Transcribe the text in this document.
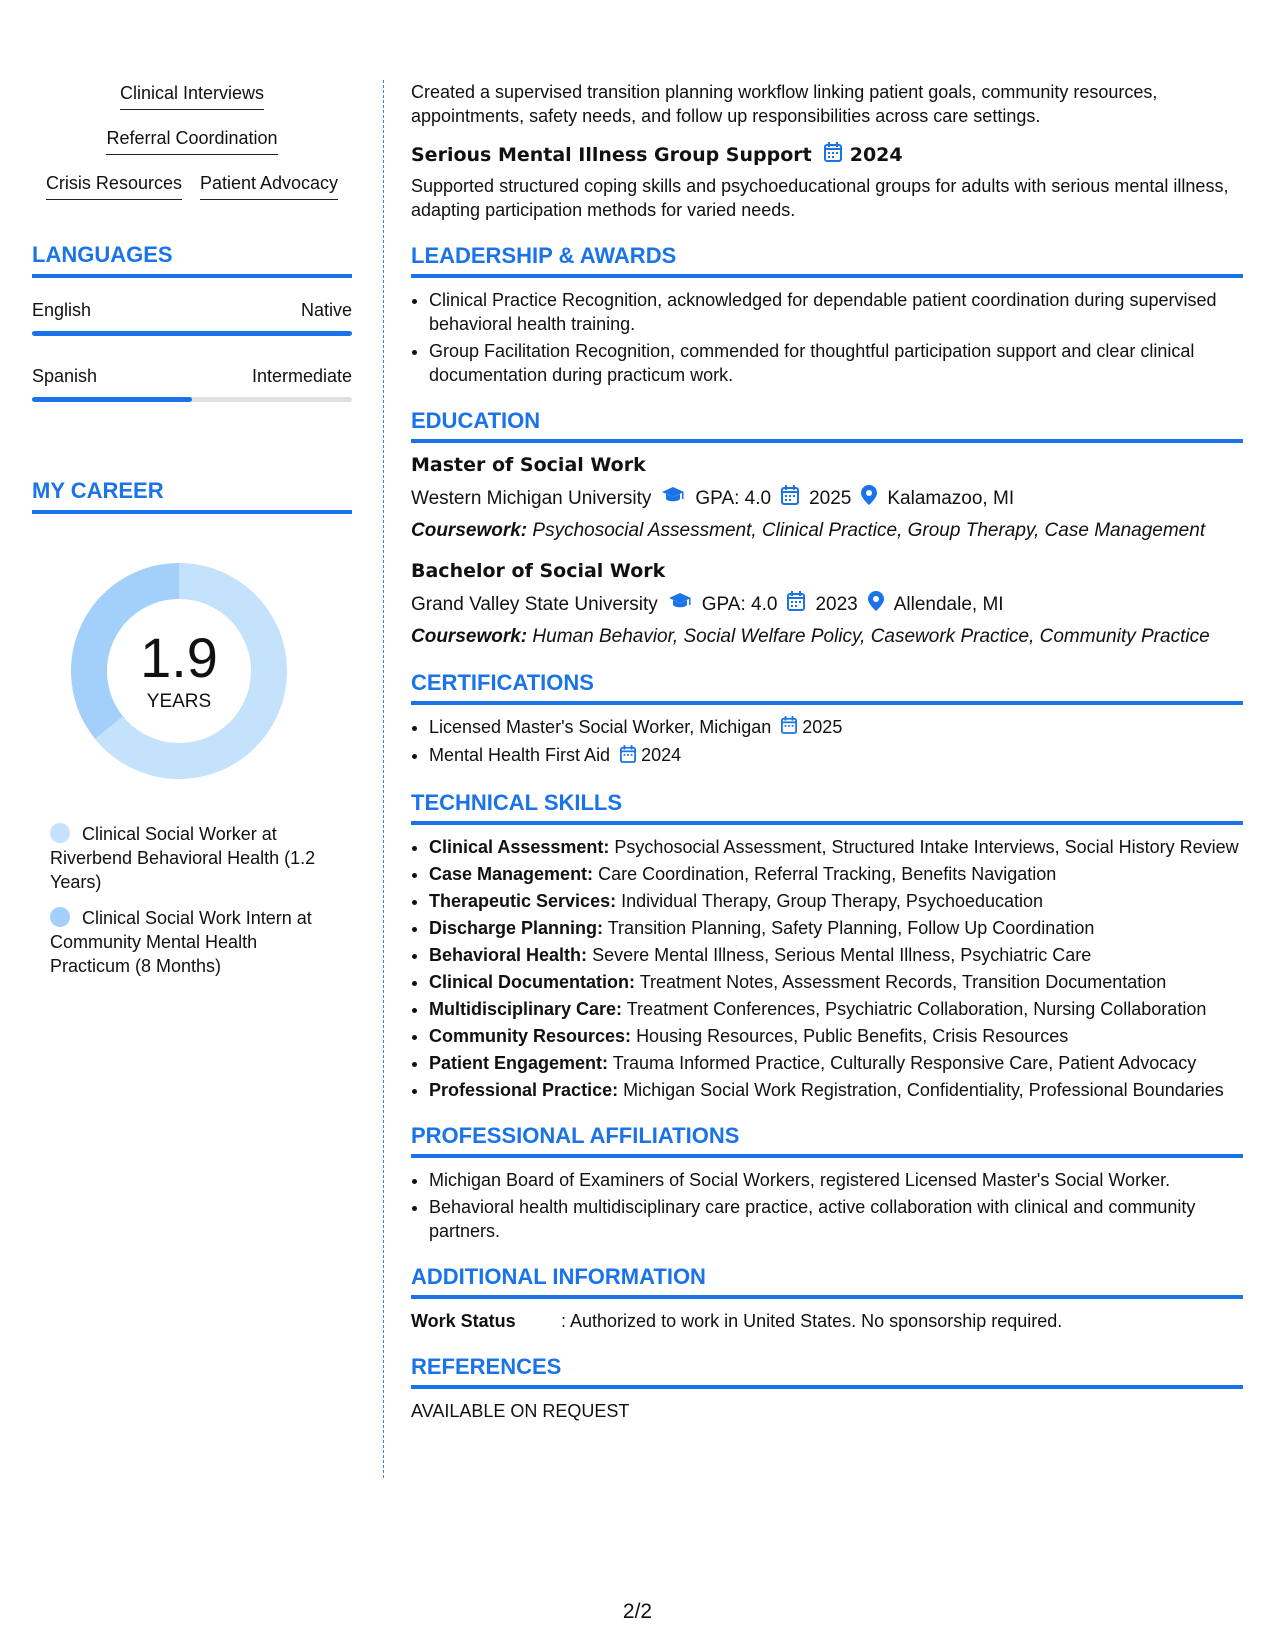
Clinical Interviews
Referral Coordination
Crisis Resources Patient Advocacy
LANGUAGES
English	Native
Spanish	Intermediate
MY CAREER
1.9
YEARS
Clinical Social Worker at Riverbend Behavioral Health (1.2 Years)
Clinical Social Work Intern at Community Mental Health Practicum (8 Months)

Created a supervised transition planning workflow linking patient goals, community resources, appointments, safety needs, and follow up responsibilities across care settings.

Serious Mental Illness Group Support 2024

Supported structured coping skills and psychoeducational groups for adults with serious mental illness, adapting participation methods for varied needs.

LEADERSHIP & AWARDS
• Clinical Practice Recognition, acknowledged for dependable patient coordination during supervised behavioral health training.
• Group Facilitation Recognition, commended for thoughtful participation support and clear clinical documentation during practicum work.
EDUCATION
Master of Social Work
Western Michigan University GPA: 4.0 2025 Kalamazoo, MI
Coursework: Psychosocial Assessment, Clinical Practice, Group Therapy, Case Management
Bachelor of Social Work
Grand Valley State University GPA: 4.0 2023 Allendale, MI
Coursework: Human Behavior, Social Welfare Policy, Casework Practice, Community Practice
CERTIFICATIONS
• Licensed Master's Social Worker, Michigan 2025
• Mental Health First Aid 2024
TECHNICAL SKILLS
• Clinical Assessment: Psychosocial Assessment, Structured Intake Interviews, Social History Review
• Case Management: Care Coordination, Referral Tracking, Benefits Navigation
• Therapeutic Services: Individual Therapy, Group Therapy, Psychoeducation
• Discharge Planning: Transition Planning, Safety Planning, Follow Up Coordination
• Behavioral Health: Severe Mental Illness, Serious Mental Illness, Psychiatric Care
• Clinical Documentation: Treatment Notes, Assessment Records, Transition Documentation
• Multidisciplinary Care: Treatment Conferences, Psychiatric Collaboration, Nursing Collaboration
• Community Resources: Housing Resources, Public Benefits, Crisis Resources
• Patient Engagement: Trauma Informed Practice, Culturally Responsive Care, Patient Advocacy
• Professional Practice: Michigan Social Work Registration, Confidentiality, Professional Boundaries
PROFESSIONAL AFFILIATIONS
• Michigan Board of Examiners of Social Workers, registered Licensed Master's Social Worker.
• Behavioral health multidisciplinary care practice, active collaboration with clinical and community partners.
ADDITIONAL INFORMATION
Work Status	: Authorized to work in United States. No sponsorship required.
REFERENCES
AVAILABLE ON REQUEST
2/2
